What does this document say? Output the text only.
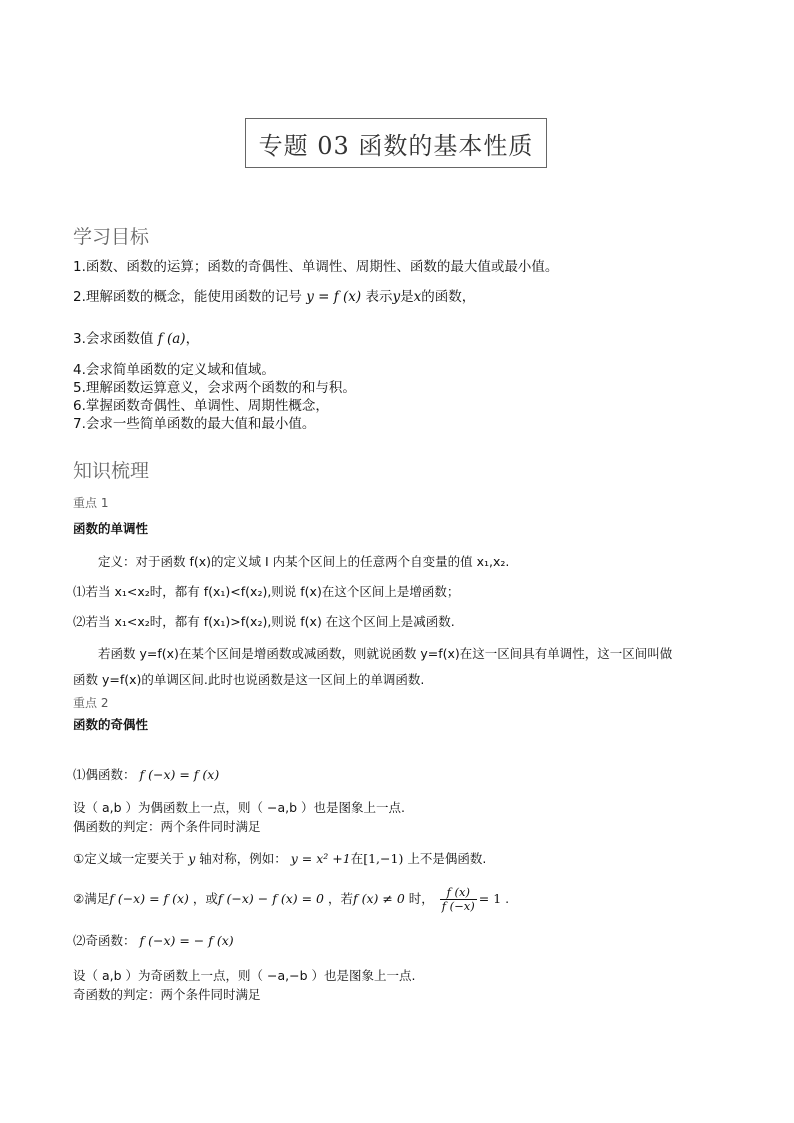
专题 03 函数的基本性质
学习目标
1.函数、函数的运算；函数的奇偶性、单调性、周期性、函数的最大值或最小值。
2.理解函数的概念，能使用函数的记号 y = f (x) 表示y是x的函数，
3.会求函数值 f (a)，
4.会求简单函数的定义域和值域。
5.理解函数运算意义，会求两个函数的和与积。
6.掌握函数奇偶性、单调性、周期性概念，
7.会求一些简单函数的最大值和最小值。
知识梳理
重点 1
函数的单调性
定义：对于函数 f(x)的定义域 I 内某个区间上的任意两个自变量的值 x₁,x₂.
⑴若当 x₁<x₂时，都有 f(x₁)<f(x₂),则说 f(x)在这个区间上是增函数；
⑵若当 x₁<x₂时，都有 f(x₁)>f(x₂),则说 f(x) 在这个区间上是减函数.
若函数 y=f(x)在某个区间是增函数或减函数，则就说函数 y=f(x)在这一区间具有单调性，这一区间叫做
函数 y=f(x)的单调区间.此时也说函数是这一区间上的单调函数.
重点 2
函数的奇偶性
⑴偶函数： f (−x) = f (x)
设（ a,b ）为偶函数上一点，则（ −a,b ）也是图象上一点.
偶函数的判定：两个条件同时满足
①定义域一定要关于 y 轴对称，例如： y = x² +1在[1,−1) 上不是偶函数.
②满足f (−x) = f (x) ，或f (−x) − f (x) = 0 ，若f (x) ≠ 0 时， $\frac{f (x)}{f (-x)} = 1$ .
⑵奇函数： f (−x) = − f (x)
设（ a,b ）为奇函数上一点，则（ −a,−b ）也是图象上一点.
奇函数的判定：两个条件同时满足
